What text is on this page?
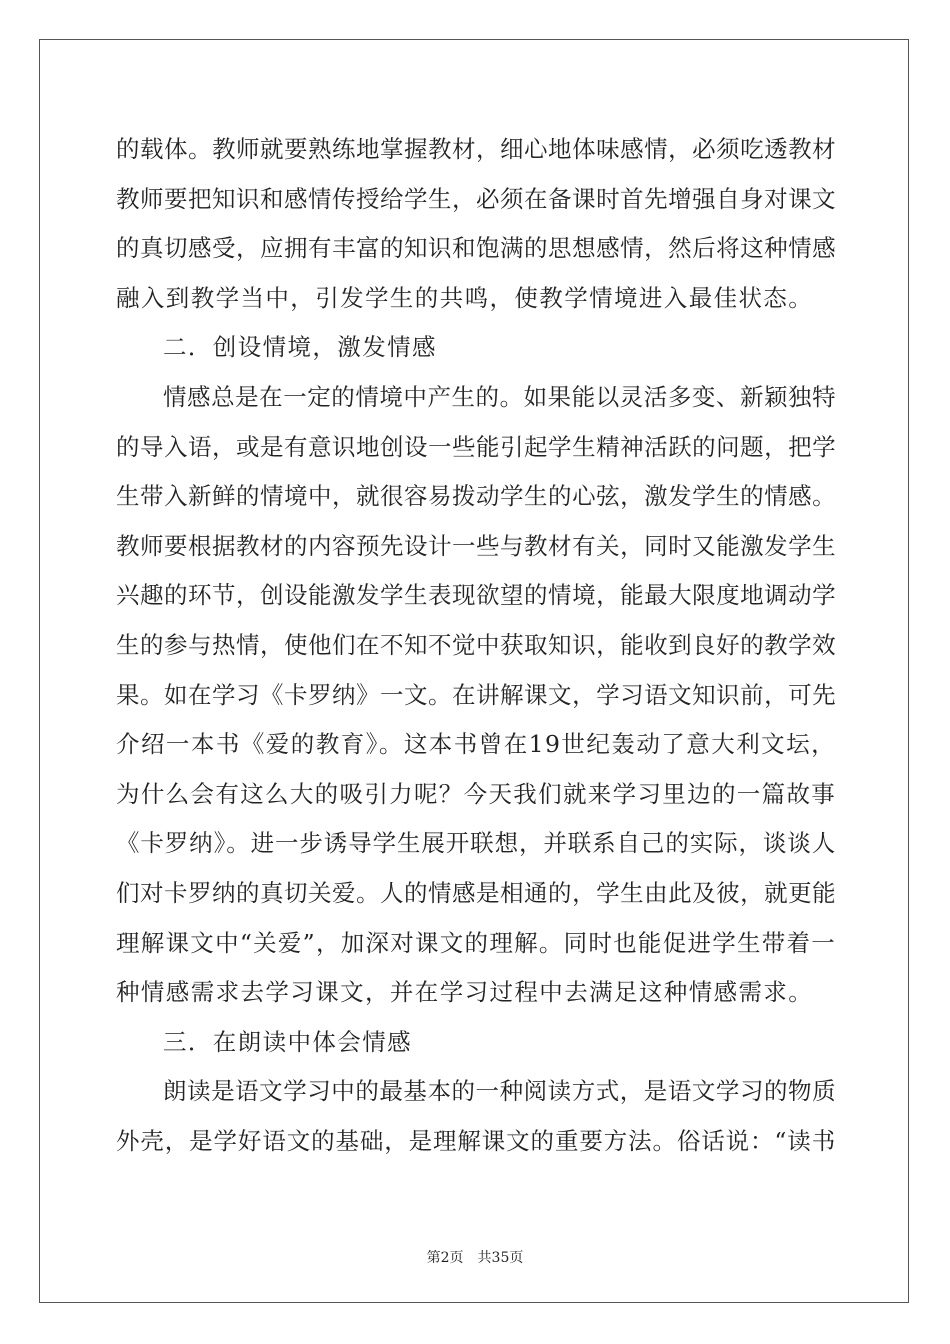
的载体。教师就要熟练地掌握教材，细心地体味感情，必须吃透教材
教师要把知识和感情传授给学生，必须在备课时首先增强自身对课文
的真切感受，应拥有丰富的知识和饱满的思想感情，然后将这种情感
融入到教学当中，引发学生的共鸣，使教学情境进入最佳状态。
二．创设情境，激发情感
情感总是在一定的情境中产生的。如果能以灵活多变、新颖独特
的导入语，或是有意识地创设一些能引起学生精神活跃的问题，把学
生带入新鲜的情境中，就很容易拨动学生的心弦，激发学生的情感。
教师要根据教材的内容预先设计一些与教材有关，同时又能激发学生
兴趣的环节，创设能激发学生表现欲望的情境，能最大限度地调动学
生的参与热情，使他们在不知不觉中获取知识，能收到良好的教学效
果。如在学习《卡罗纳》一文。在讲解课文，学习语文知识前，可先
介绍一本书《爱的教育》。这本书曾在19世纪轰动了意大利文坛，
为什么会有这么大的吸引力呢？今天我们就来学习里边的一篇故事
《卡罗纳》。进一步诱导学生展开联想，并联系自己的实际，谈谈人
们对卡罗纳的真切关爱。人的情感是相通的，学生由此及彼，就更能
理解课文中“关爱”，加深对课文的理解。同时也能促进学生带着一
种情感需求去学习课文，并在学习过程中去满足这种情感需求。
三．在朗读中体会情感
朗读是语文学习中的最基本的一种阅读方式，是语文学习的物质
外壳，是学好语文的基础，是理解课文的重要方法。俗话说：“读书
第2页 共35页
